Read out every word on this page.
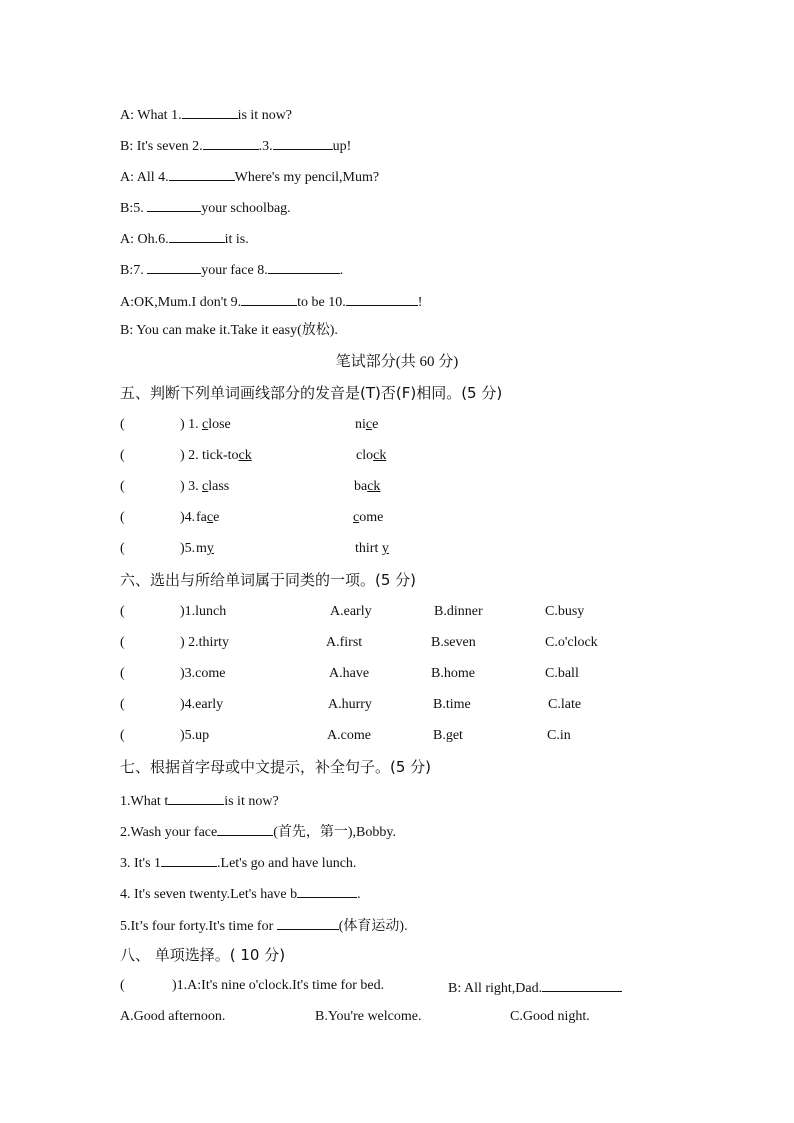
A: What 1.	is it now?
B: It's seven 2.	.3.	up!
A: All 4.	Where's my pencil,Mum?
B:5.	your schoolbag.
A: Oh.6.	it is.
B:7.	your face 8.	.
A:OK,Mum.I don't 9.	to be 10.	!
B: You can make it.Take it easy(放松).
笔试部分(共 60 分)
五、判断下列单词画线部分的发音是(T)否(F)相同。(5 分)
(	) 1. close	nice
(	) 2. tick-tock	clock
(	) 3. class	back
(	)4. face	come
(	)5. my	thirt y
六、选出与所给单词属于同类的一项。(5 分)
(	)1.lunch	A.early	B.dinner	C.busy
(	) 2.thirty	A.first	B.seven	C.o'clock
(	)3.come	A.have	B.home	C.ball
(	)4.early	A.hurry	B.time	C.late
(	)5.up	A.come	B.get	C.in
七、根据首字母或中文提示，补全句子。(5 分)
1.What t	is it now?
2.Wash your face	(首先，第一),Bobby.
3. It's 1	.Let's go and have lunch.
4. It's seven twenty.Let's have b	.
5.It’s four forty.It's time for	(体育运动).
八、 单项选择。( 10 分)
(	)1.A:It's nine o'clock.It's time for bed.	B: All right,Dad.
A.Good afternoon.	B.You're welcome.	C.Good night.
